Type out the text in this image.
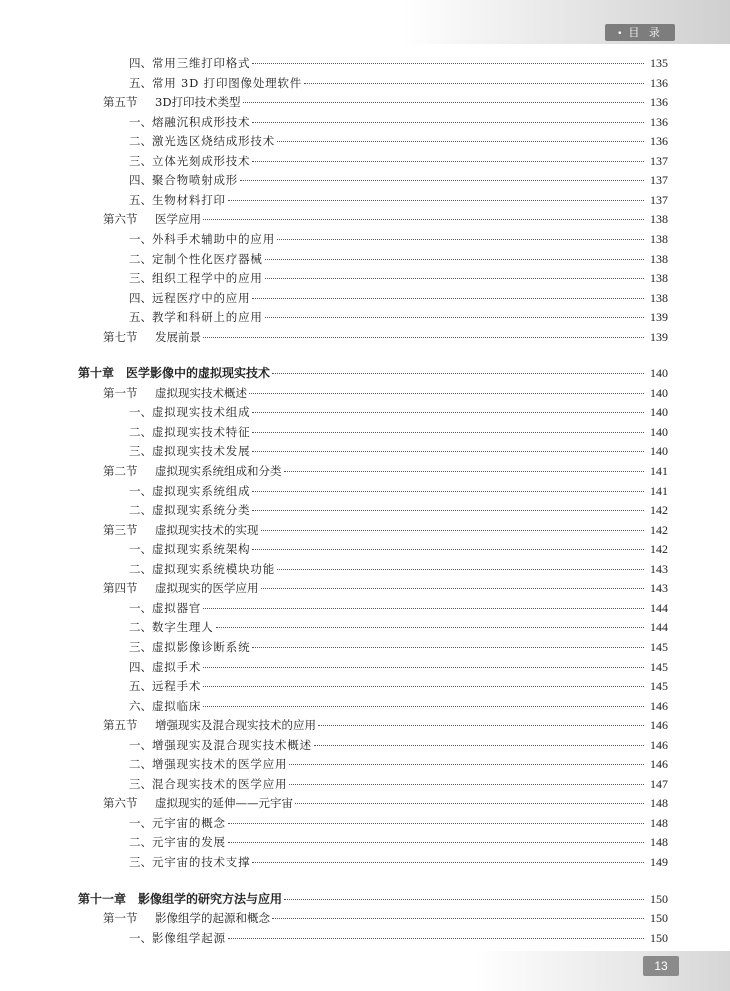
• 目 录
四、 常用三维打印格式	135
五、 常用 3D 打印图像处理软件	136
第五节	3D打印技术类型	136
一、 熔融沉积成形技术	136
二、 激光选区烧结成形技术	136
三、 立体光刻成形技术	137
四、 聚合物喷射成形	137
五、 生物材料打印	137
第六节	医学应用	138
一、 外科手术辅助中的应用	138
二、 定制个性化医疗器械	138
三、 组织工程学中的应用	138
四、 远程医疗中的应用	138
五、 教学和科研上的应用	139
第七节	发展前景	139
第十章 医学影像中的虚拟现实技术	140
第一节	虚拟现实技术概述	140
一、 虚拟现实技术组成	140
二、 虚拟现实技术特征	140
三、 虚拟现实技术发展	140
第二节	虚拟现实系统组成和分类	141
一、 虚拟现实系统组成	141
二、 虚拟现实系统分类	142
第三节	虚拟现实技术的实现	142
一、 虚拟现实系统架构	142
二、 虚拟现实系统模块功能	143
第四节	虚拟现实的医学应用	143
一、 虚拟器官	144
二、 数字生理人	144
三、 虚拟影像诊断系统	145
四、 虚拟手术	145
五、 远程手术	145
六、 虚拟临床	146
第五节	增强现实及混合现实技术的应用	146
一、 增强现实及混合现实技术概述	146
二、 增强现实技术的医学应用	146
三、 混合现实技术的医学应用	147
第六节	虚拟现实的延伸——元宇宙	148
一、 元宇宙的概念	148
二、 元宇宙的发展	148
三、 元宇宙的技术支撑	149
第十一章 影像组学的研究方法与应用	150
第一节	影像组学的起源和概念	150
一、 影像组学起源	150
13
